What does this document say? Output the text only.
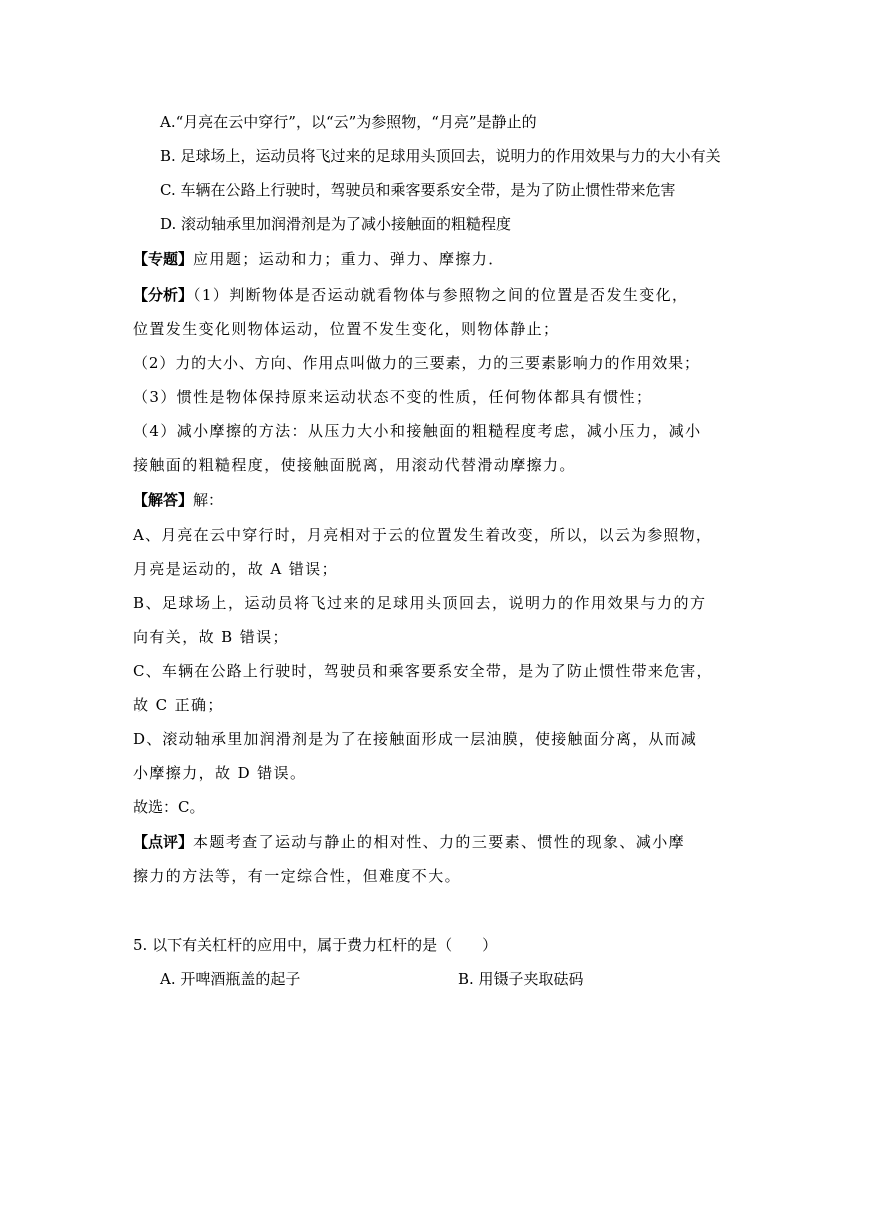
A.“月亮在云中穿行”，以“云”为参照物，“月亮”是静止的
B. 足球场上，运动员将飞过来的足球用头顶回去，说明力的作用效果与力的大小有关
C. 车辆在公路上行驶时，驾驶员和乘客要系安全带，是为了防止惯性带来危害
D. 滚动轴承里加润滑剂是为了减小接触面的粗糙程度
【专题】应用题；运动和力；重力、弹力、摩擦力．
【分析】（1）判断物体是否运动就看物体与参照物之间的位置是否发生变化，
位置发生变化则物体运动，位置不发生变化，则物体静止；
（2）力的大小、方向、作用点叫做力的三要素，力的三要素影响力的作用效果；
（3）惯性是物体保持原来运动状态不变的性质，任何物体都具有惯性；
（4）减小摩擦的方法：从压力大小和接触面的粗糙程度考虑，减小压力，减小
接触面的粗糙程度，使接触面脱离，用滚动代替滑动摩擦力。
【解答】解：
A、月亮在云中穿行时，月亮相对于云的位置发生着改变，所以，以云为参照物，
月亮是运动的，故 A 错误；
B、足球场上，运动员将飞过来的足球用头顶回去，说明力的作用效果与力的方
向有关，故 B 错误；
C、车辆在公路上行驶时，驾驶员和乘客要系安全带，是为了防止惯性带来危害，
故 C 正确；
D、滚动轴承里加润滑剂是为了在接触面形成一层油膜，使接触面分离，从而减
小摩擦力，故 D 错误。
故选：C。
【点评】本题考查了运动与静止的相对性、力的三要素、惯性的现象、减小摩
擦力的方法等，有一定综合性，但难度不大。
5. 以下有关杠杆的应用中，属于费力杠杆的是（　　）
A. 开啤酒瓶盖的起子	B. 用镊子夹取砝码
